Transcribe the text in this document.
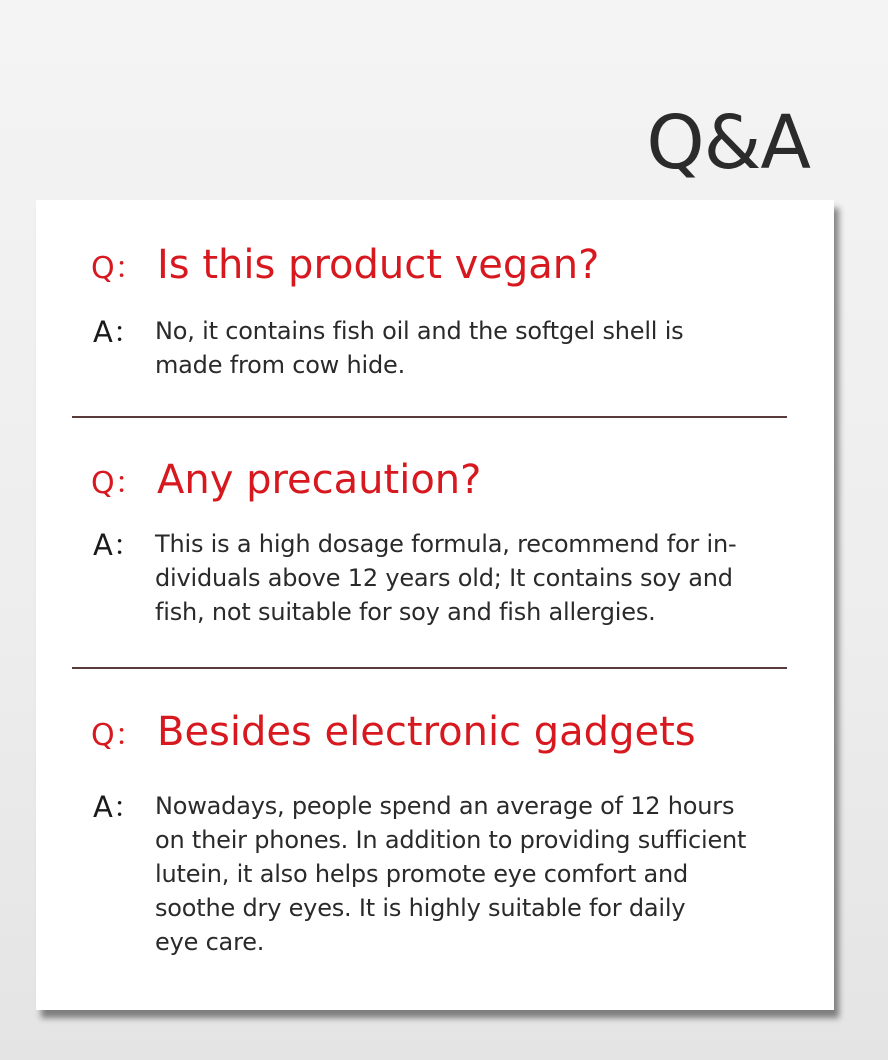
Q&A
Q： Is this product vegan?
A： No, it contains fish oil and the softgel shell is
made from cow hide.
Q： Any precaution?
A： This is a high dosage formula, recommend for in-
dividuals above 12 years old; It contains soy and
fish, not suitable for soy and fish allergies.
Q： Besides electronic gadgets
A： Nowadays, people spend an average of 12 hours
on their phones. In addition to providing sufficient
lutein, it also helps promote eye comfort and
soothe dry eyes. It is highly suitable for daily
eye care.
